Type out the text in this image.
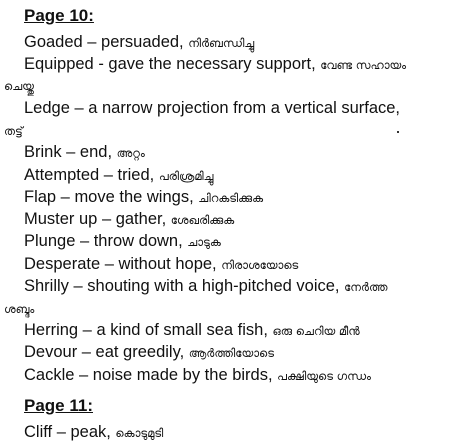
Page 10:
Goaded – persuaded, നിർബന്ധിച്ചു
Equipped - gave the necessary support, വേണ്ട സഹായം
ചെയ്തു
Ledge – a narrow projection from a vertical surface,
തട്ട്
Brink – end, അറ്റം
Attempted – tried, പരിശ്രമിച്ചു
Flap – move the wings, ചിറകടിക്കുക
Muster up – gather, ശേഖരിക്കുക
Plunge – throw down, ചാടുക
Desperate – without hope, നിരാശയോടെ
Shrilly – shouting with a high-pitched voice, നേർത്ത
ശബ്ദം
Herring – a kind of small sea fish, ഒരു ചെറിയ മീൻ
Devour – eat greedily, ആർത്തിയോടെ
Cackle – noise made by the birds, പക്ഷിയുടെ ഗന്ധം
Page 11:
Cliff – peak, കൊടുമുടി
